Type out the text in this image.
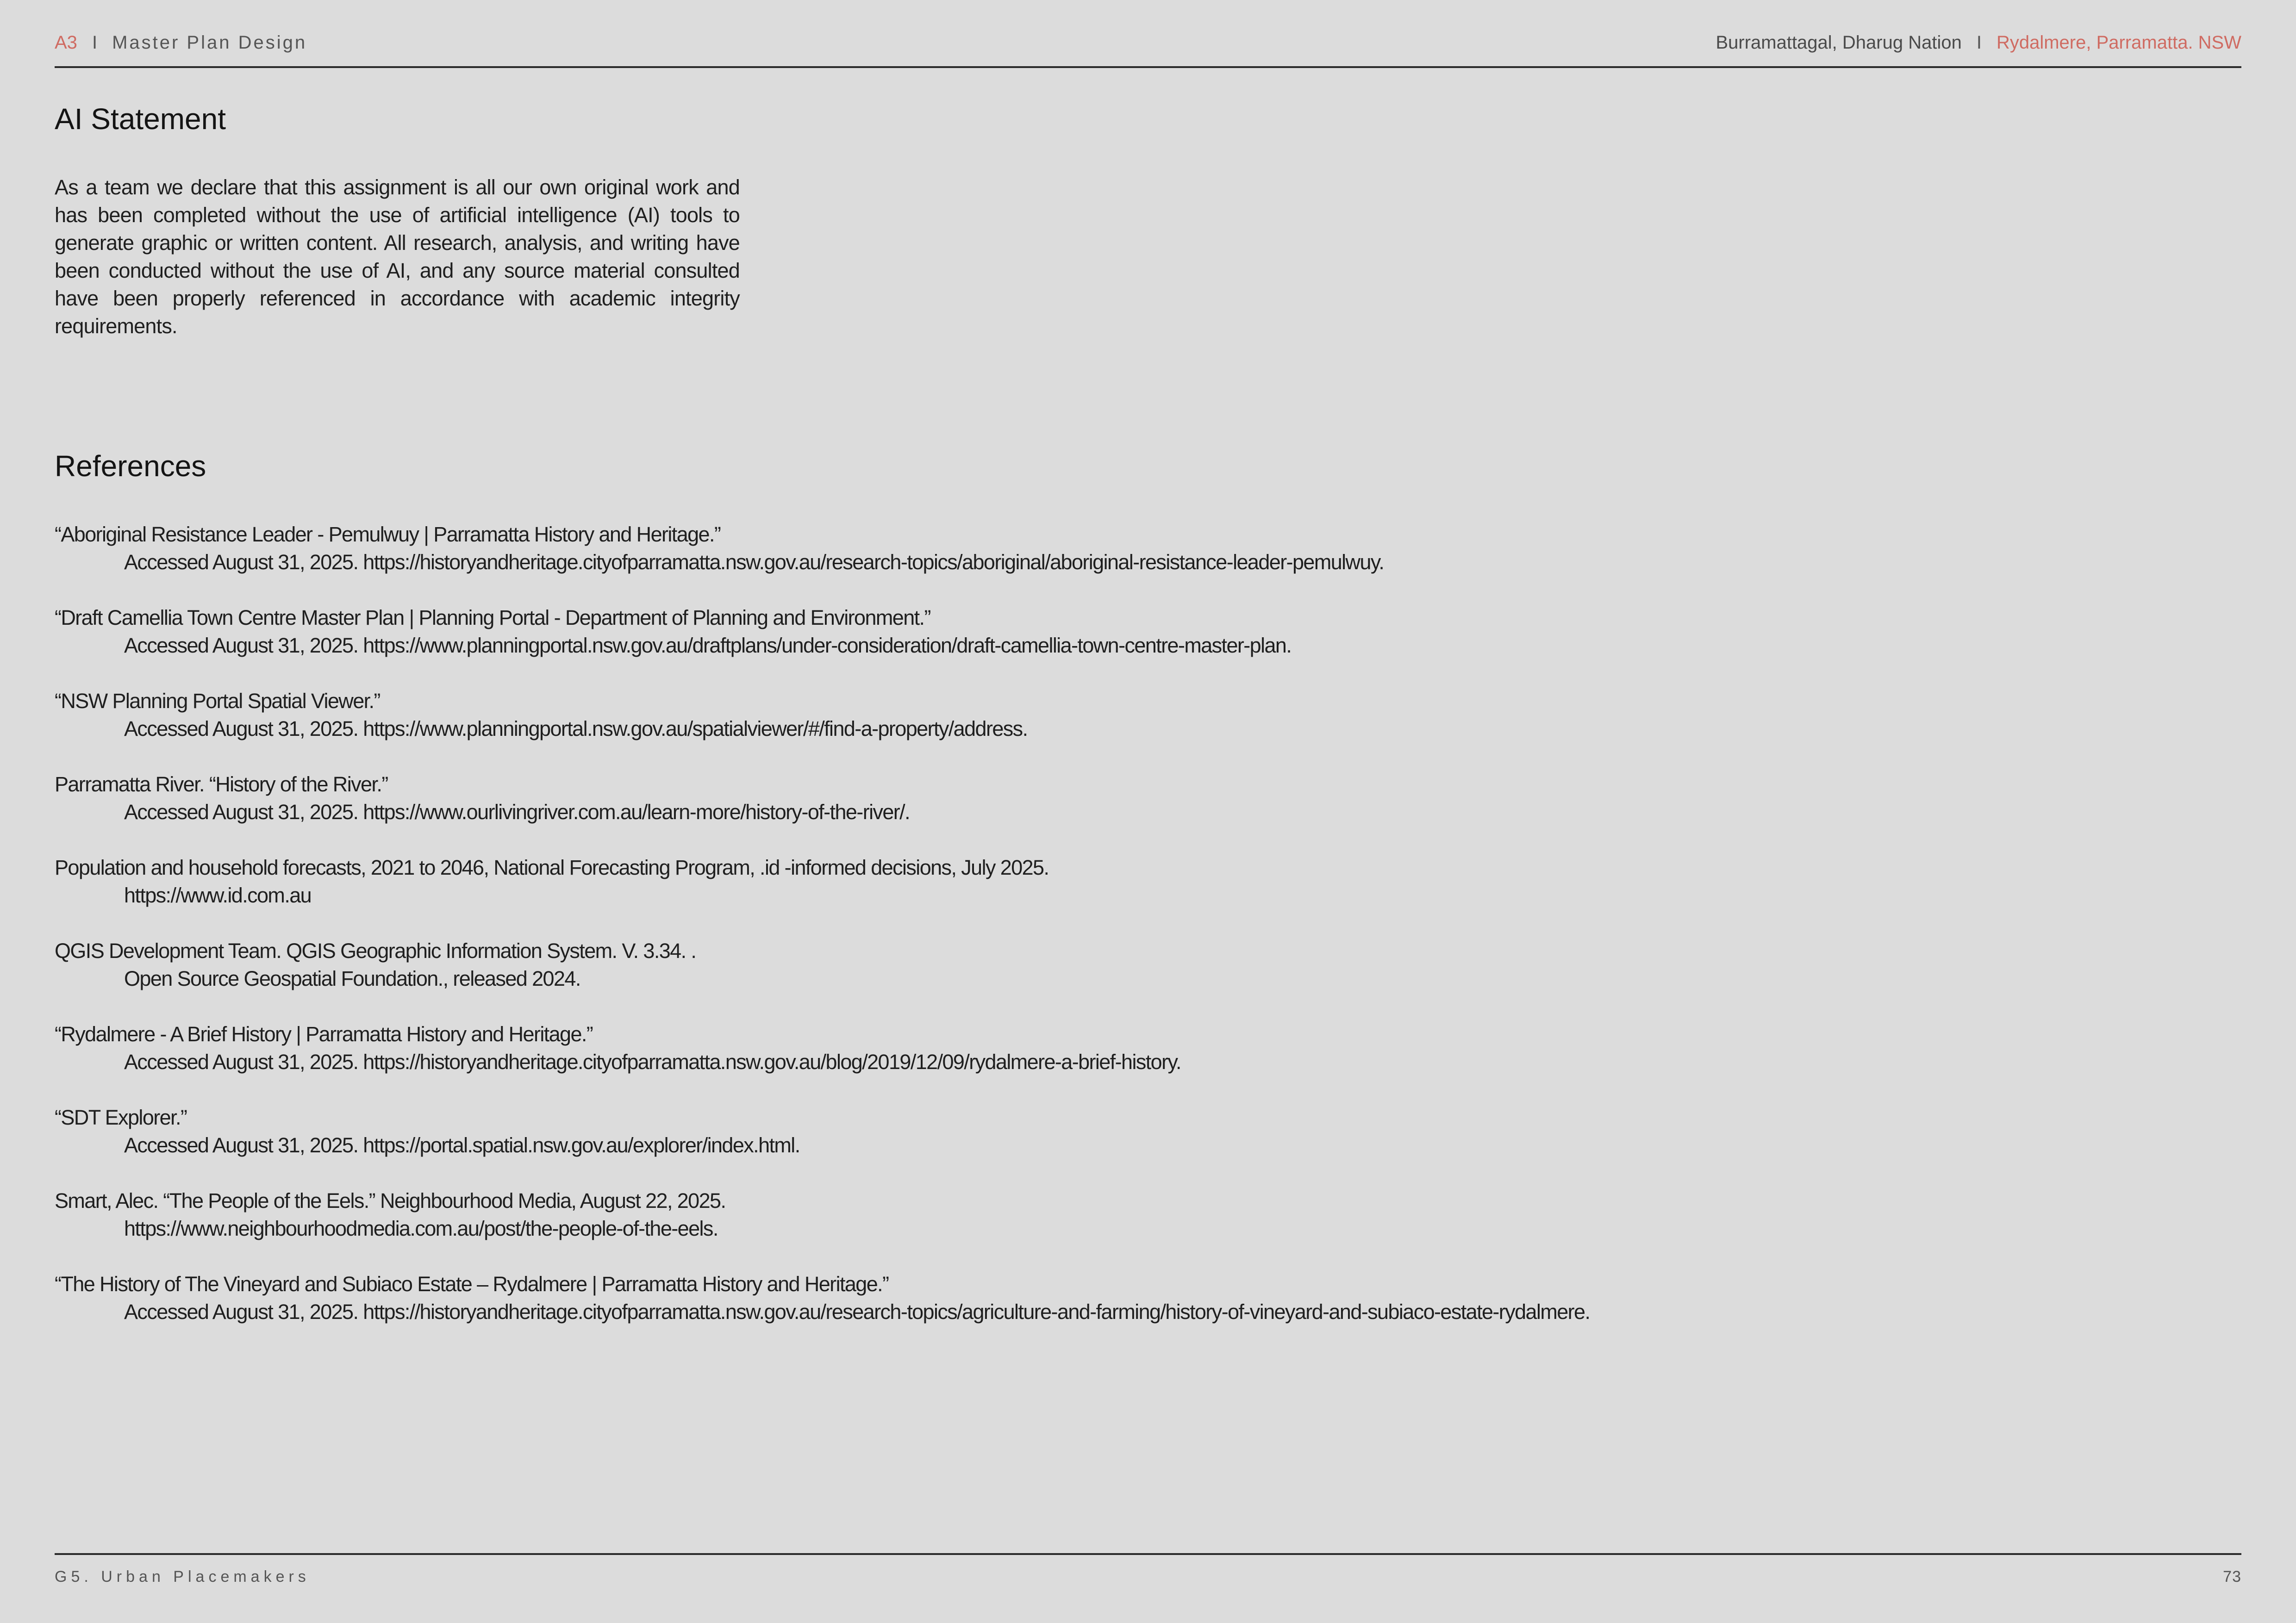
A3 I Master Plan Design	Burramattagal, Dharug Nation I Rydalmere, Parramatta. NSW
AI Statement

As a team we declare that this assignment is all our own original work and has been completed without the use of artificial intelligence (AI) tools to generate graphic or written content. All research, analysis, and writing have been conducted without the use of AI, and any source material consulted have been properly referenced in accordance with academic integrity requirements.

References
“Aboriginal Resistance Leader - Pemulwuy | Parramatta History and Heritage.”
Accessed August 31, 2025. https://historyandheritage.cityofparramatta.nsw.gov.au/research-topics/aboriginal/aboriginal-resistance-leader-pemulwuy.
“Draft Camellia Town Centre Master Plan | Planning Portal - Department of Planning and Environment.”
Accessed August 31, 2025. https://www.planningportal.nsw.gov.au/draftplans/under-consideration/draft-camellia-town-centre-master-plan.
“NSW Planning Portal Spatial Viewer.”
Accessed August 31, 2025. https://www.planningportal.nsw.gov.au/spatialviewer/#/find-a-property/address.
Parramatta River. “History of the River.”
Accessed August 31, 2025. https://www.ourlivingriver.com.au/learn-more/history-of-the-river/.
Population and household forecasts, 2021 to 2046, National Forecasting Program, .id -informed decisions, July 2025.
https://www.id.com.au
QGIS Development Team. QGIS Geographic Information System. V. 3.34. .
Open Source Geospatial Foundation., released 2024.
“Rydalmere - A Brief History | Parramatta History and Heritage.”
Accessed August 31, 2025. https://historyandheritage.cityofparramatta.nsw.gov.au/blog/2019/12/09/rydalmere-a-brief-history.
“SDT Explorer.”
Accessed August 31, 2025. https://portal.spatial.nsw.gov.au/explorer/index.html.
Smart, Alec. “The People of the Eels.” Neighbourhood Media, August 22, 2025.
https://www.neighbourhoodmedia.com.au/post/the-people-of-the-eels.
“The History of The Vineyard and Subiaco Estate – Rydalmere | Parramatta History and Heritage.”
Accessed August 31, 2025. https://historyandheritage.cityofparramatta.nsw.gov.au/research-topics/agriculture-and-farming/history-of-vineyard-and-subiaco-estate-rydalmere.
G5. Urban Placemakers	73
